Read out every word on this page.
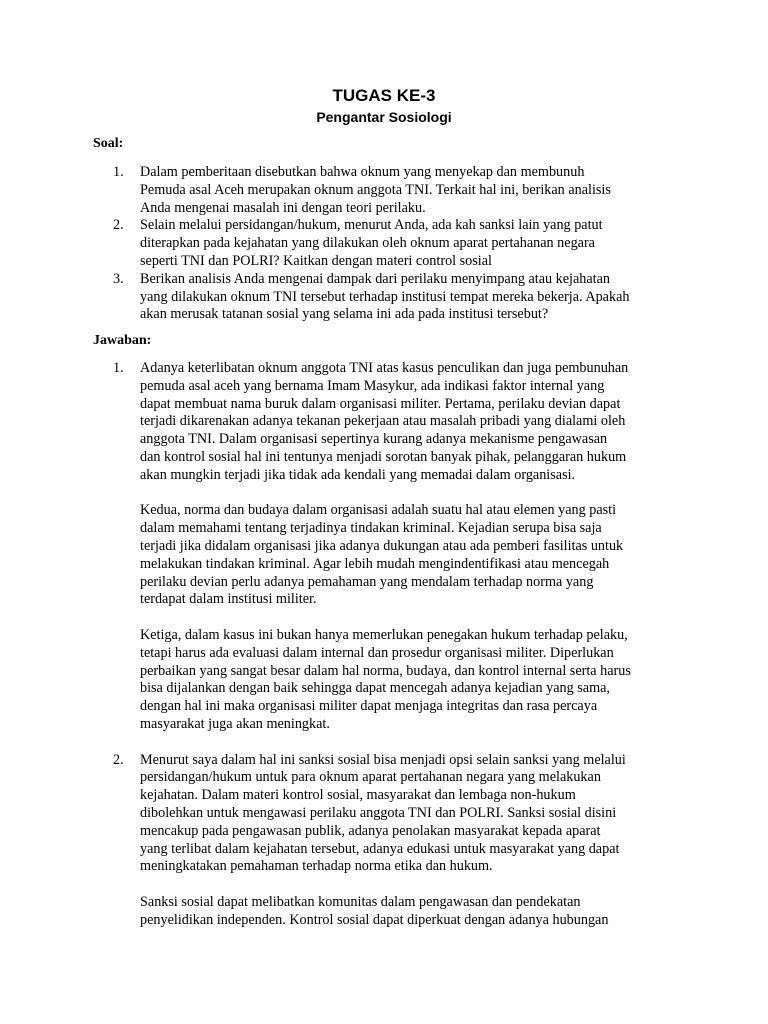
TUGAS KE-3
Pengantar Sosiologi
Soal:
1. Dalam pemberitaan disebutkan bahwa oknum yang menyekap dan membunuh
Pemuda asal Aceh merupakan oknum anggota TNI. Terkait hal ini, berikan analisis
Anda mengenai masalah ini dengan teori perilaku.
2. Selain melalui persidangan/hukum, menurut Anda, ada kah sanksi lain yang patut
diterapkan pada kejahatan yang dilakukan oleh oknum aparat pertahanan negara
seperti TNI dan POLRI? Kaitkan dengan materi control sosial
3. Berikan analisis Anda mengenai dampak dari perilaku menyimpang atau kejahatan
yang dilakukan oknum TNI tersebut terhadap institusi tempat mereka bekerja. Apakah
akan merusak tatanan sosial yang selama ini ada pada institusi tersebut?
Jawaban:
1. Adanya keterlibatan oknum anggota TNI atas kasus penculikan dan juga pembunuhan
pemuda asal aceh yang bernama Imam Masykur, ada indikasi faktor internal yang
dapat membuat nama buruk dalam organisasi militer. Pertama, perilaku devian dapat
terjadi dikarenakan adanya tekanan pekerjaan atau masalah pribadi yang dialami oleh
anggota TNI. Dalam organisasi sepertinya kurang adanya mekanisme pengawasan
dan kontrol sosial hal ini tentunya menjadi sorotan banyak pihak, pelanggaran hukum
akan mungkin terjadi jika tidak ada kendali yang memadai dalam organisasi.

Kedua, norma dan budaya dalam organisasi adalah suatu hal atau elemen yang pasti
dalam memahami tentang terjadinya tindakan kriminal. Kejadian serupa bisa saja
terjadi jika didalam organisasi jika adanya dukungan atau ada pemberi fasilitas untuk
melakukan tindakan kriminal. Agar lebih mudah mengindentifikasi atau mencegah
perilaku devian perlu adanya pemahaman yang mendalam terhadap norma yang
terdapat dalam institusi militer.

Ketiga, dalam kasus ini bukan hanya memerlukan penegakan hukum terhadap pelaku,
tetapi harus ada evaluasi dalam internal dan prosedur organisasi militer. Diperlukan
perbaikan yang sangat besar dalam hal norma, budaya, dan kontrol internal serta harus
bisa dijalankan dengan baik sehingga dapat mencegah adanya kejadian yang sama,
dengan hal ini maka organisasi militer dapat menjaga integritas dan rasa percaya
masyarakat juga akan meningkat.

2. Menurut saya dalam hal ini sanksi sosial bisa menjadi opsi selain sanksi yang melalui
persidangan/hukum untuk para oknum aparat pertahanan negara yang melakukan
kejahatan. Dalam materi kontrol sosial, masyarakat dan lembaga non-hukum
dibolehkan untuk mengawasi perilaku anggota TNI dan POLRI. Sanksi sosial disini
mencakup pada pengawasan publik, adanya penolakan masyarakat kepada aparat
yang terlibat dalam kejahatan tersebut, adanya edukasi untuk masyarakat yang dapat
meningkatakan pemahaman terhadap norma etika dan hukum.

Sanksi sosial dapat melibatkan komunitas dalam pengawasan dan pendekatan
penyelidikan independen. Kontrol sosial dapat diperkuat dengan adanya hubungan
